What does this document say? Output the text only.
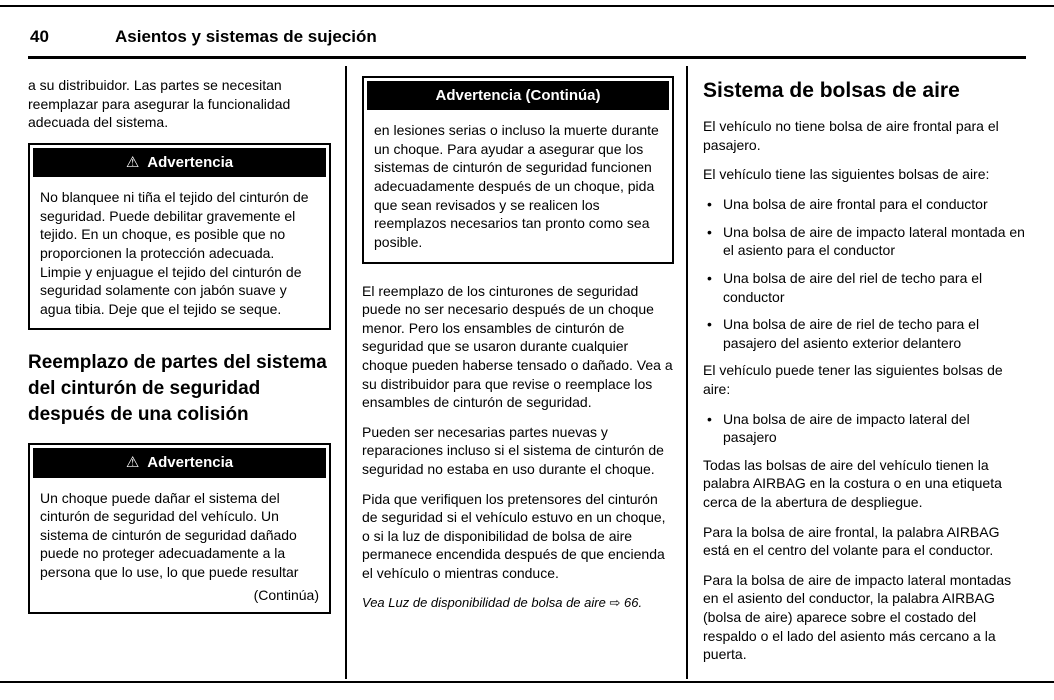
40	Asientos y sistemas de sujeción

a su distribuidor. Las partes se necesitan reemplazar para asegurar la funcionalidad adecuada del sistema.

⚠ Advertencia

No blanquee ni tiña el tejido del cinturón de seguridad. Puede debilitar gravemente el tejido. En un choque, es posible que no proporcionen la protección adecuada. Limpie y enjuague el tejido del cinturón de seguridad solamente con jabón suave y agua tibia. Deje que el tejido se seque.

Reemplazo de partes del sistema del cinturón de seguridad después de una colisión
⚠ Advertencia

Un choque puede dañar el sistema del cinturón de seguridad del vehículo. Un sistema de cinturón de seguridad dañado puede no proteger adecuadamente a la persona que lo use, lo que puede resultar

(Continúa)

Advertencia (Continúa)

en lesiones serias o incluso la muerte durante un choque. Para ayudar a asegurar que los sistemas de cinturón de seguridad funcionen adecuadamente después de un choque, pida que sean revisados y se realicen los reemplazos necesarios tan pronto como sea posible.

El reemplazo de los cinturones de seguridad puede no ser necesario después de un choque menor. Pero los ensambles de cinturón de seguridad que se usaron durante cualquier choque pueden haberse tensado o dañado. Vea a su distribuidor para que revise o reemplace los ensambles de cinturón de seguridad.

Pueden ser necesarias partes nuevas y reparaciones incluso si el sistema de cinturón de seguridad no estaba en uso durante el choque.

Pida que verifiquen los pretensores del cinturón de seguridad si el vehículo estuvo en un choque, o si la luz de disponibilidad de bolsa de aire permanece encendida después de que encienda el vehículo o mientras conduce.

Vea Luz de disponibilidad de bolsa de aire ⇨ 66.

Sistema de bolsas de aire

El vehículo no tiene bolsa de aire frontal para el pasajero.

El vehículo tiene las siguientes bolsas de aire:

• Una bolsa de aire frontal para el conductor
• Una bolsa de aire de impacto lateral montada en el asiento para el conductor
• Una bolsa de aire del riel de techo para el conductor
• Una bolsa de aire de riel de techo para el pasajero del asiento exterior delantero

El vehículo puede tener las siguientes bolsas de aire:

• Una bolsa de aire de impacto lateral del pasajero

Todas las bolsas de aire del vehículo tienen la palabra AIRBAG en la costura o en una etiqueta cerca de la abertura de despliegue.

Para la bolsa de aire frontal, la palabra AIRBAG está en el centro del volante para el conductor.

Para la bolsa de aire de impacto lateral montadas en el asiento del conductor, la palabra AIRBAG (bolsa de aire) aparece sobre el costado del respaldo o el lado del asiento más cercano a la puerta.
